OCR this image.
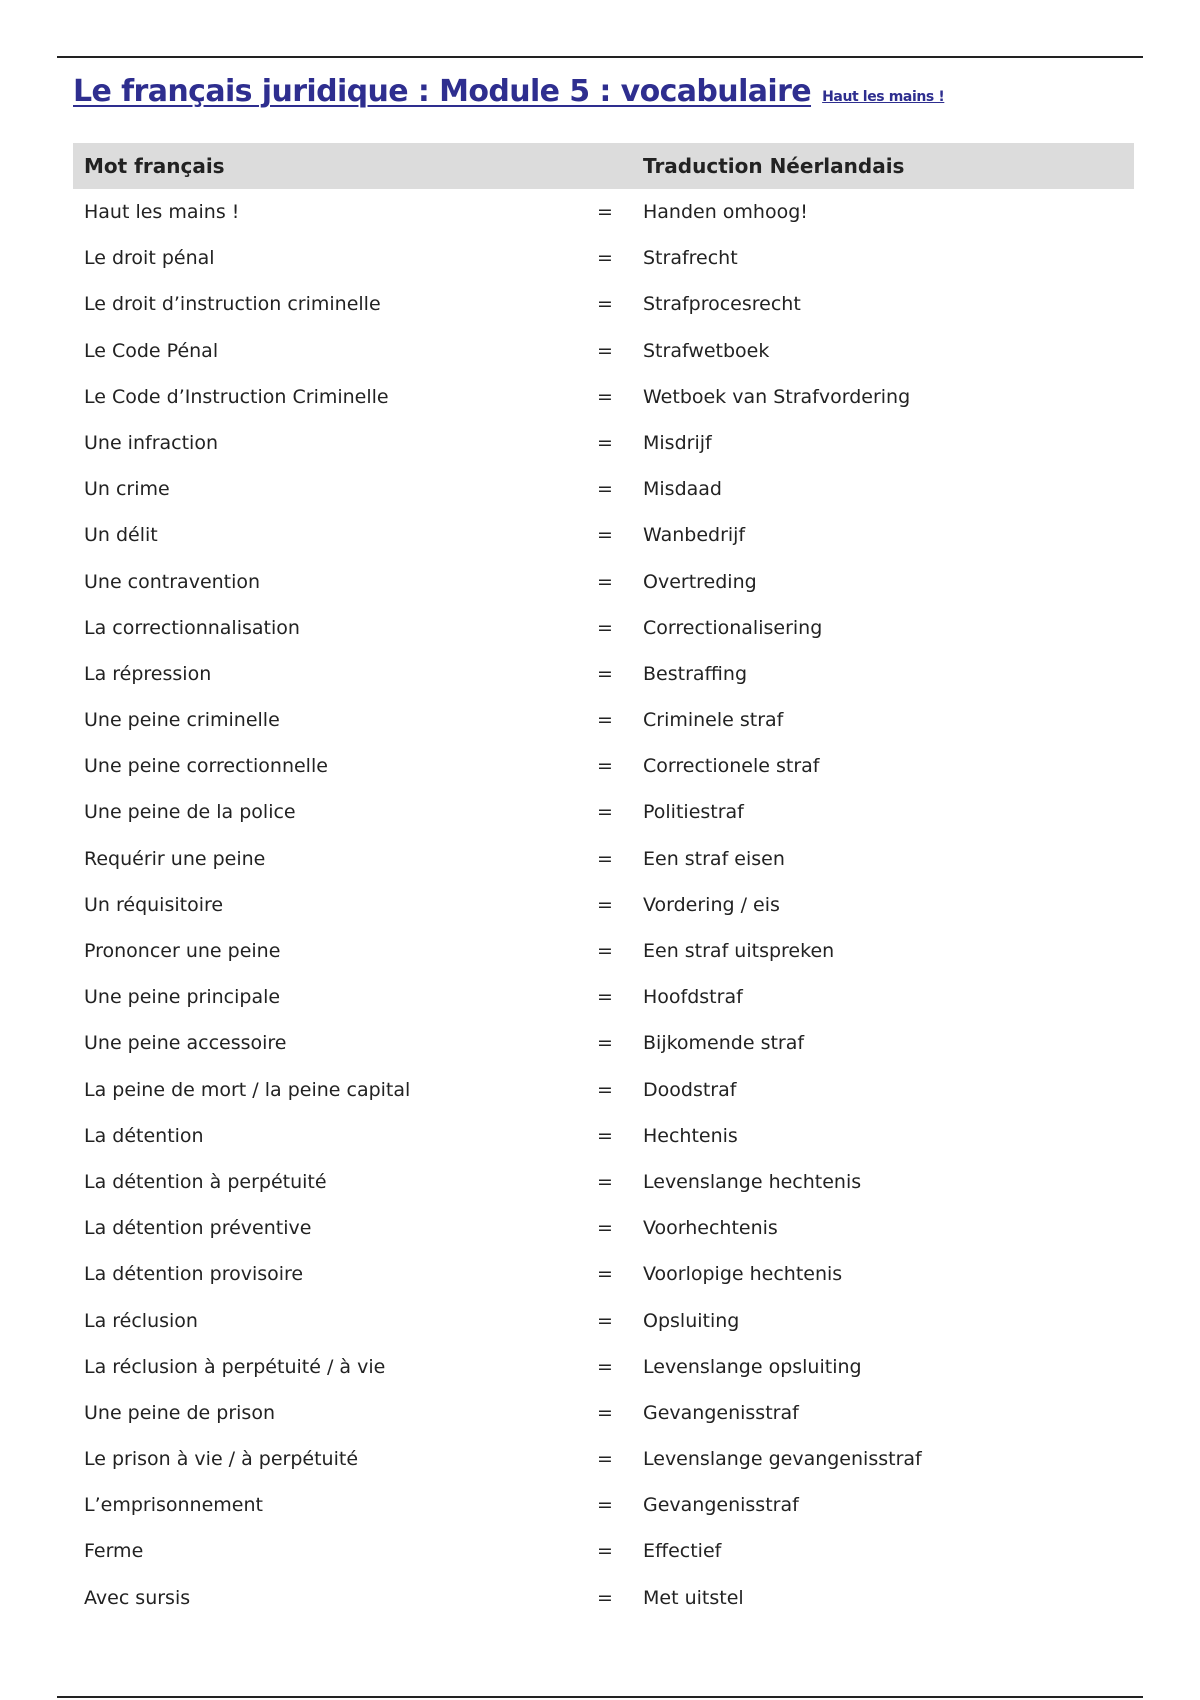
Le français juridique : Module 5 : vocabulaire Haut les mains !
Mot français	Traduction Néerlandais
Haut les mains !	= Handen omhoog!
Le droit pénal	= Strafrecht
Le droit d’instruction criminelle	= Strafprocesrecht
Le Code Pénal	= Strafwetboek
Le Code d’Instruction Criminelle	= Wetboek van Strafvordering
Une infraction	= Misdrijf
Un crime	= Misdaad
Un délit	= Wanbedrijf
Une contravention	= Overtreding
La correctionnalisation	= Correctionalisering
La répression	= Bestraffing
Une peine criminelle	= Criminele straf
Une peine correctionnelle	= Correctionele straf
Une peine de la police	= Politiestraf
Requérir une peine	= Een straf eisen
Un réquisitoire	= Vordering / eis
Prononcer une peine	= Een straf uitspreken
Une peine principale	= Hoofdstraf
Une peine accessoire	= Bijkomende straf
La peine de mort / la peine capital	= Doodstraf
La détention	= Hechtenis
La détention à perpétuité	= Levenslange hechtenis
La détention préventive	= Voorhechtenis
La détention provisoire	= Voorlopige hechtenis
La réclusion	= Opsluiting
La réclusion à perpétuité / à vie	= Levenslange opsluiting
Une peine de prison	= Gevangenisstraf
Le prison à vie / à perpétuité	= Levenslange gevangenisstraf
L’emprisonnement	= Gevangenisstraf
Ferme	= Effectief
Avec sursis	= Met uitstel
